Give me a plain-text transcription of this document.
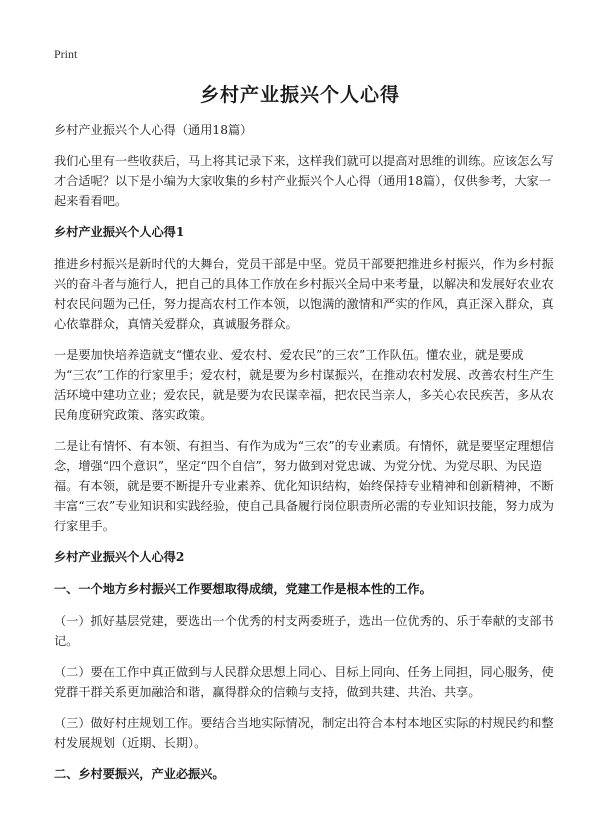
Print
乡村产业振兴个人心得

乡村产业振兴个人心得（通用18篇）

我们心里有一些收获后，马上将其记录下来，这样我们就可以提高对思维的训练。应该怎么写才合适呢？以下是小编为大家收集的乡村产业振兴个人心得（通用18篇），仅供参考，大家一起来看看吧。

乡村产业振兴个人心得1

推进乡村振兴是新时代的大舞台，党员干部是中坚。党员干部要把推进乡村振兴，作为乡村振兴的奋斗者与施行人，把自己的具体工作放在乡村振兴全局中来考量，以解决和发展好农业农村农民问题为己任，努力提高农村工作本领，以饱满的激情和严实的作风，真正深入群众，真心依靠群众，真情关爱群众，真诚服务群众。

一是要加快培养造就支“懂农业、爱农村、爱农民”的三农”工作队伍。懂农业，就是要成为“三农”工作的行家里手；爱农村，就是要为乡村谋振兴，在推动农村发展、改善农村生产生活环境中建功立业；爱农民，就是要为农民谋幸福，把农民当亲人，多关心农民疾苦，多从农民角度研究政策、落实政策。

二是让有情怀、有本领、有担当、有作为成为“三农”的专业素质。有情怀，就是要坚定理想信念，增强“四个意识”，坚定“四个自信”，努力做到对党忠诚、为党分忧、为党尽职、为民造福。有本领，就是要不断提升专业素养、优化知识结构，始终保持专业精神和创新精神，不断丰富“三农”专业知识和实践经验，使自己具备履行岗位职责所必需的专业知识技能，努力成为行家里手。

乡村产业振兴个人心得2

一、一个地方乡村振兴工作要想取得成绩，党建工作是根本性的工作。

（一）抓好基层党建，要选出一个优秀的村支两委班子，选出一位优秀的、乐于奉献的支部书记。

（二）要在工作中真正做到与人民群众思想上同心、目标上同向、任务上同担，同心服务，使党群干群关系更加融洽和谐，赢得群众的信赖与支持，做到共建、共治、共享。

（三）做好村庄规划工作。要结合当地实际情况，制定出符合本村本地区实际的村规民约和整村发展规划（近期、长期）。

二、乡村要振兴，产业必振兴。
